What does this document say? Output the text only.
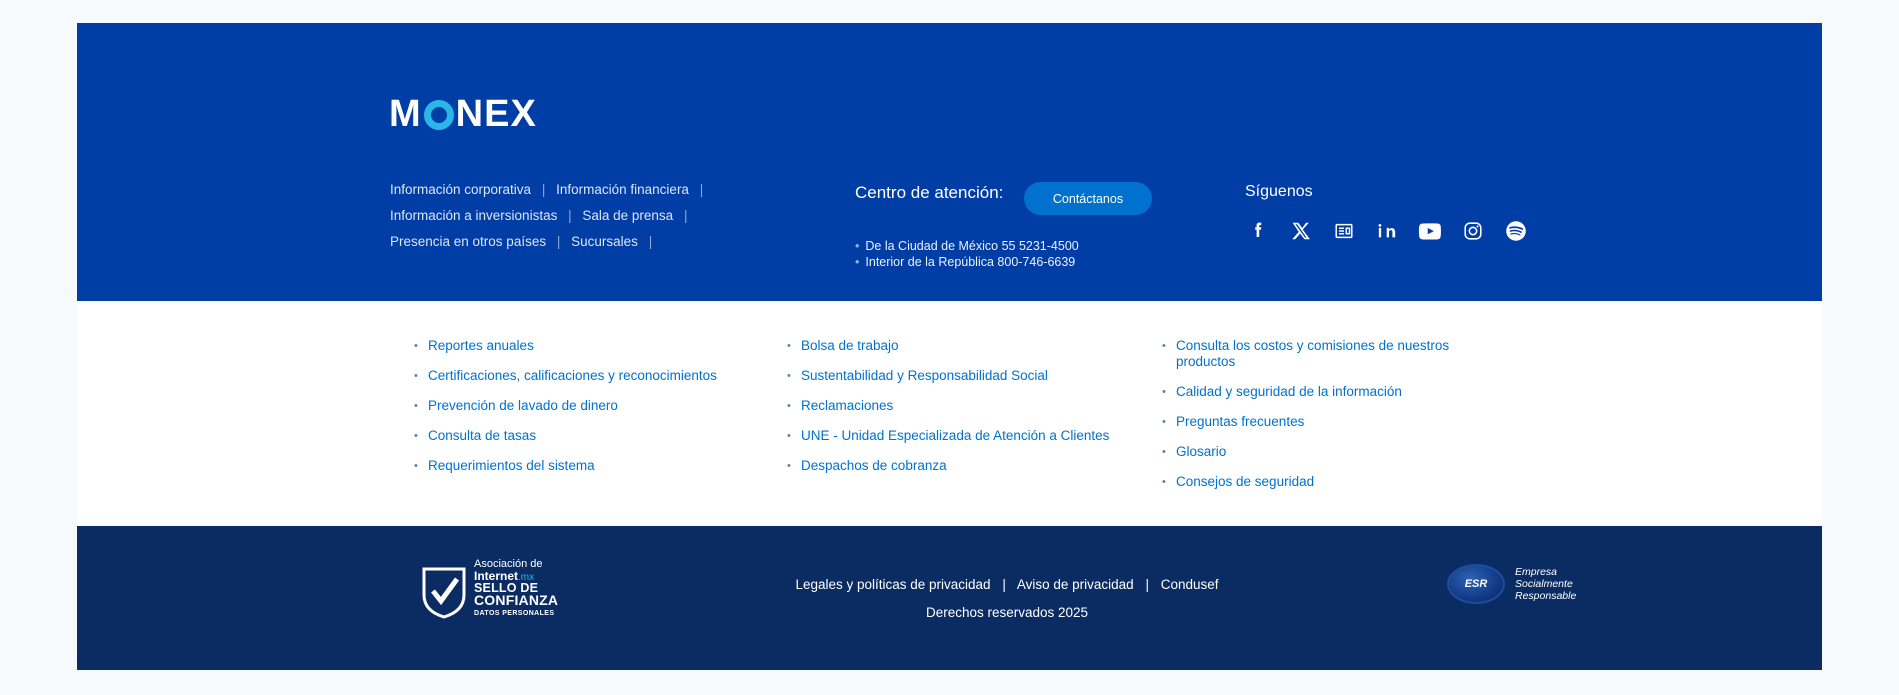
M NEX
Información corporativa | Información financiera |
Información a inversionistas | Sala de prensa |
Presencia en otros países | Sucursales |
Centro de atención:	Contáctanos
• De la Ciudad de México 55 5231-4500
• Interior de la República 800-746-6639
Síguenos
• Reportes anuales
• Certificaciones, calificaciones y reconocimientos
• Prevención de lavado de dinero
• Consulta de tasas
• Requerimientos del sistema
• Bolsa de trabajo
• Sustentabilidad y Responsabilidad Social
• Reclamaciones
• UNE - Unidad Especializada de Atención a Clientes
• Despachos de cobranza
• Consulta los costos y comisiones de nuestros productos
• Calidad y seguridad de la información
• Preguntas frecuentes
• Glosario
• Consejos de seguridad
Asociación de
Internet.mx
SELLO DE
CONFIANZA
DATOS PERSONALES
Legales y políticas de privacidad | Aviso de privacidad | Condusef
Derechos reservados 2025
ESR
Empresa
Socialmente
Responsable
